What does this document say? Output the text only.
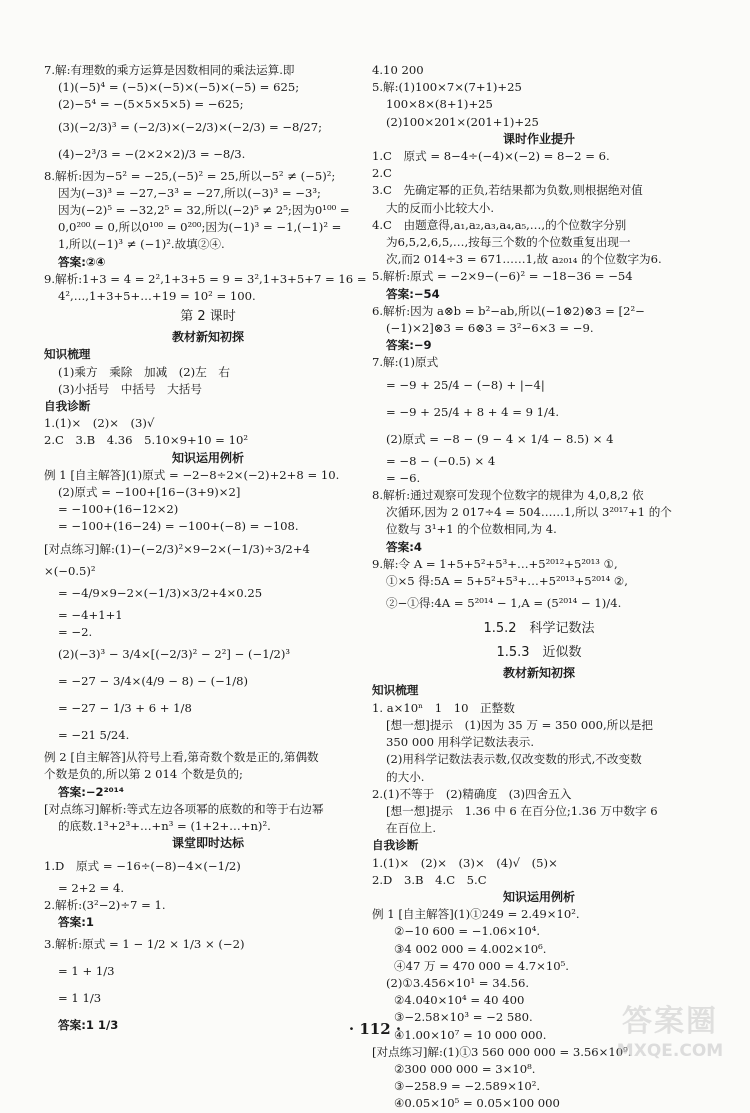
7.解:有理数的乘方运算是因数相同的乘法运算.即
(1)(−5)⁴ = (−5)×(−5)×(−5)×(−5) = 625;
(2)−5⁴ = −(5×5×5×5) = −625;
(3)(−2/3)³ = (−2/3)×(−2/3)×(−2/3) = −8/27;
(4)−2³/3 = −(2×2×2)/3 = −8/3.
8.解析:因为−5² = −25,(−5)² = 25,所以−5² ≠ (−5)²;
因为(−3)³ = −27,−3³ = −27,所以(−3)³ = −3³;
因为(−2)⁵ = −32,2⁵ = 32,所以(−2)⁵ ≠ 2⁵;因为0¹⁰⁰ =
0,0²⁰⁰ = 0,所以0¹⁰⁰ = 0²⁰⁰;因为(−1)³ = −1,(−1)² =
1,所以(−1)³ ≠ (−1)².故填②④.
答案:②④
9.解析:1+3 = 4 = 2²,1+3+5 = 9 = 3²,1+3+5+7 = 16 =
4²,…,1+3+5+…+19 = 10² = 100.
第 2 课时
教材新知初探
知识梳理
(1)乘方　乘除　加减　(2)左　右
(3)小括号　中括号　大括号
自我诊断
1.(1)×　(2)×　(3)√
2.C　3.B　4.36　5.10×9+10 = 10²
知识运用例析
例 1 [自主解答](1)原式 = −2−8÷2×(−2)+2+8 = 10.
(2)原式 = −100+[16−(3+9)×2]
= −100+(16−12×2)
= −100+(16−24) = −100+(−8) = −108.
[对点练习]解:(1)−(−2/3)²×9−2×(−1/3)÷3/2+4
×(−0.5)²
= −4/9×9−2×(−1/3)×3/2+4×0.25
= −4+1+1
= −2.
(2)(−3)³ − 3/4×[(−2/3)² − 2²] − (−1/2)³
= −27 − 3/4×(4/9 − 8) − (−1/8)
= −27 − 1/3 + 6 + 1/8
= −21 5/24.
例 2 [自主解答]从符号上看,第奇数个数是正的,第偶数
个数是负的,所以第 2 014 个数是负的;
答案:−2²⁰¹⁴
[对点练习]解析:等式左边各项幂的底数的和等于右边幂
的底数.1³+2³+…+n³ = (1+2+…+n)².
课堂即时达标
1.D　原式 = −16÷(−8)−4×(−1/2)
= 2+2 = 4.
2.解析:(3²−2)÷7 = 1.
答案:1
3.解析:原式 = 1 − 1/2 × 1/3 × (−2)
= 1 + 1/3
= 1 1/3
答案:1 1/3
4.10 200
5.解:(1)100×7×(7+1)+25
100×8×(8+1)+25
(2)100×201×(201+1)+25
课时作业提升
1.C　原式 = 8−4÷(−4)×(−2) = 8−2 = 6.
2.C
3.C　先确定幂的正负,若结果都为负数,则根据绝对值
大的反而小比较大小.
4.C　由题意得,a₁,a₂,a₃,a₄,a₅,…,的个位数字分别
为6,5,2,6,5,…,按每三个数的个位数重复出现一
次,而2 014÷3 = 671……1,故 a₂₀₁₄ 的个位数字为6.
5.解析:原式 = −2×9−(−6)² = −18−36 = −54
答案:−54
6.解析:因为 a⊗b = b²−ab,所以(−1⊗2)⊗3 = [2²−
(−1)×2]⊗3 = 6⊗3 = 3²−6×3 = −9.
答案:−9
7.解:(1)原式
= −9 + 25/4 − (−8) + |−4|
= −9 + 25/4 + 8 + 4 = 9 1/4.
(2)原式 = −8 − (9 − 4 × 1/4 − 8.5) × 4
= −8 − (−0.5) × 4
= −6.
8.解析:通过观察可发现个位数字的规律为 4,0,8,2 依
次循环,因为 2 017÷4 = 504……1,所以 3²⁰¹⁷+1 的个
位数与 3¹+1 的个位数相同,为 4.
答案:4
9.解:令 A = 1+5+5²+5³+…+5²⁰¹²+5²⁰¹³ ①,
①×5 得:5A = 5+5²+5³+…+5²⁰¹³+5²⁰¹⁴ ②,
②−①得:4A = 5²⁰¹⁴ − 1,A = (5²⁰¹⁴ − 1)/4.
1.5.2　科学记数法
1.5.3　近似数
教材新知初探
知识梳理
1. a×10ⁿ　1　10　正整数
[想一想]提示　(1)因为 35 万 = 350 000,所以是把
350 000 用科学记数法表示.
(2)用科学记数法表示数,仅改变数的形式,不改变数
的大小.
2.(1)不等于　(2)精确度　(3)四舍五入
[想一想]提示　1.36 中 6 在百分位;1.36 万中数字 6
在百位上.
自我诊断
1.(1)×　(2)×　(3)×　(4)√　(5)×
2.D　3.B　4.C　5.C
知识运用例析
例 1 [自主解答](1)①249 = 2.49×10².
②−10 600 = −1.06×10⁴.
③4 002 000 = 4.002×10⁶.
④47 万 = 470 000 = 4.7×10⁵.
(2)①3.456×10¹ = 34.56.
②4.040×10⁴ = 40 400
③−2.58×10³ = −2 580.
④1.00×10⁷ = 10 000 000.
[对点练习]解:(1)①3 560 000 000 = 3.56×10⁹.
②300 000 000 = 3×10⁸.
③−258.9 = −2.589×10².
④0.05×10⁵ = 0.05×100 000
· 112 ·	答案圈
MXQE.COM
